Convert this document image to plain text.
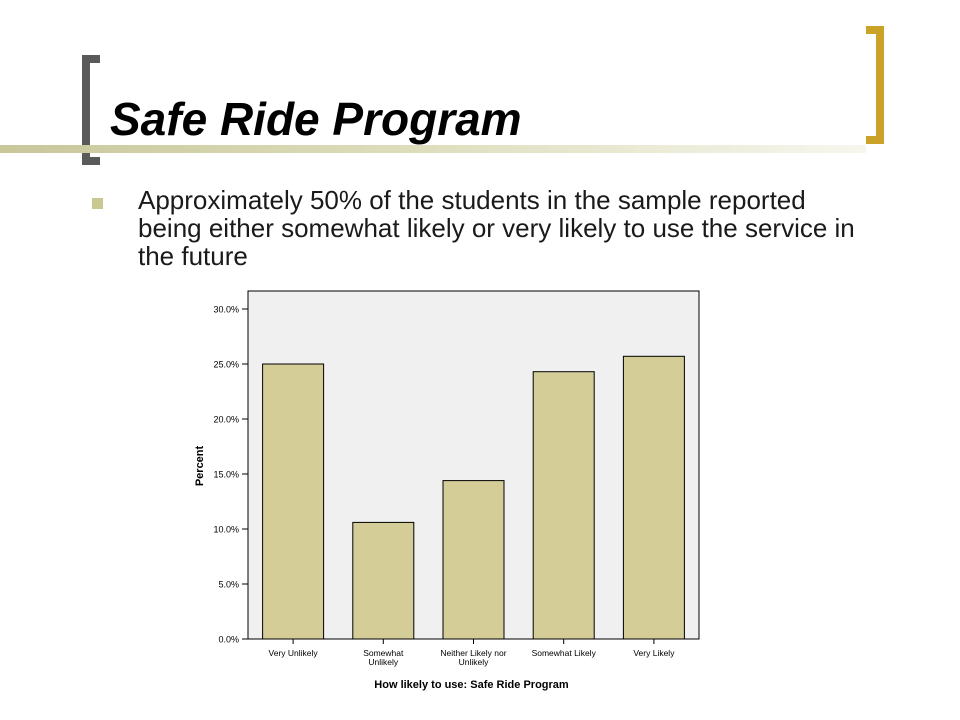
Safe Ride Program

Approximately 50% of the students in the sample reported being either somewhat likely or very likely to use the service in the future

0.0%
5.0%
10.0%
15.0%
20.0%
25.0%
30.0%
Very Unlikely	Somewhat
Unlikely
Neither Likely nor
Unlikely
Somewhat Likely	Very Likely
How likely to use: Safe Ride Program
Percent
